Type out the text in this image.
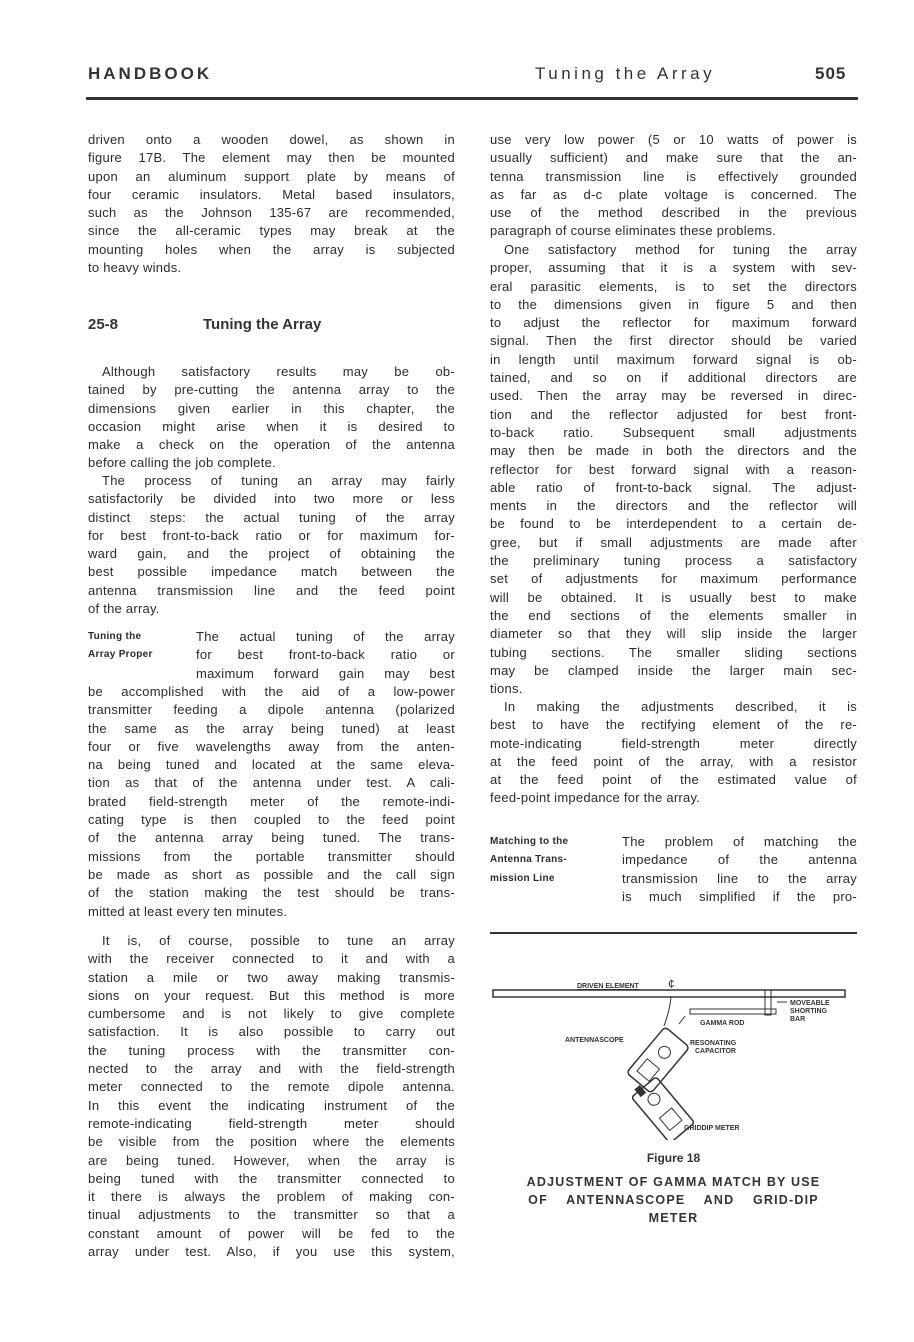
HANDBOOK	Tuning the Array	505
driven onto a wooden dowel, as shown in
figure 17B. The element may then be mounted
upon an aluminum support plate by means of
four ceramic insulators. Metal based insulators,
such as the Johnson 135-67 are recommended,
since the all-ceramic types may break at the
mounting holes when the array is subjected
to heavy winds.
25-8	Tuning the Array
Although satisfactory results may be ob-
tained by pre-cutting the antenna array to the
dimensions given earlier in this chapter, the
occasion might arise when it is desired to
make a check on the operation of the antenna
before calling the job complete.
The process of tuning an array may fairly
satisfactorily be divided into two more or less
distinct steps: the actual tuning of the array
for best front-to-back ratio or for maximum for-
ward gain, and the project of obtaining the
best possible impedance match between the
antenna transmission line and the feed point
of the array.
Tuning the
Array Proper
The actual tuning of the array
for best front-to-back ratio or
maximum forward gain may best
be accomplished with the aid of a low-power
transmitter feeding a dipole antenna (polarized
the same as the array being tuned) at least
four or five wavelengths away from the anten-
na being tuned and located at the same eleva-
tion as that of the antenna under test. A cali-
brated field-strength meter of the remote-indi-
cating type is then coupled to the feed point
of the antenna array being tuned. The trans-
missions from the portable transmitter should
be made as short as possible and the call sign
of the station making the test should be trans-
mitted at least every ten minutes.
It is, of course, possible to tune an array
with the receiver connected to it and with a
station a mile or two away making transmis-
sions on your request. But this method is more
cumbersome and is not likely to give complete
satisfaction. It is also possible to carry out
the tuning process with the transmitter con-
nected to the array and with the field-strength
meter connected to the remote dipole antenna.
In this event the indicating instrument of the
remote-indicating field-strength meter should
be visible from the position where the elements
are being tuned. However, when the array is
being tuned with the transmitter connected to
it there is always the problem of making con-
tinual adjustments to the transmitter so that a
constant amount of power will be fed to the
array under test. Also, if you use this system,
use very low power (5 or 10 watts of power is
usually sufficient) and make sure that the an-
tenna transmission line is effectively grounded
as far as d-c plate voltage is concerned. The
use of the method described in the previous
paragraph of course eliminates these problems.
One satisfactory method for tuning the array
proper, assuming that it is a system with sev-
eral parasitic elements, is to set the directors
to the dimensions given in figure 5 and then
to adjust the reflector for maximum forward
signal. Then the first director should be varied
in length until maximum forward signal is ob-
tained, and so on if additional directors are
used. Then the array may be reversed in direc-
tion and the reflector adjusted for best front-
to-back ratio. Subsequent small adjustments
may then be made in both the directors and the
reflector for best forward signal with a reason-
able ratio of front-to-back signal. The adjust-
ments in the directors and the reflector will
be found to be interdependent to a certain de-
gree, but if small adjustments are made after
the preliminary tuning process a satisfactory
set of adjustments for maximum performance
will be obtained. It is usually best to make
the end sections of the elements smaller in
diameter so that they will slip inside the larger
tubing sections. The smaller sliding sections
may be clamped inside the larger main sec-
tions.
In making the adjustments described, it is
best to have the rectifying element of the re-
mote-indicating field-strength meter directly
at the feed point of the array, with a resistor
at the feed point of the estimated value of
feed-point impedance for the array.
Matching to the
Antenna Trans-
mission Line
The problem of matching the
impedance of the antenna
transmission line to the array
is much simplified if the pro-
DRIVEN ELEMENT ¢
MOVEABLE
SHORTING
BAR
GAMMA ROD
ANTENNASCOPE	RESONATING
CAPACITOR
GRIDDIP METER
Figure 18
ADJUSTMENT OF GAMMA MATCH BY USE
OF ANTENNASCOPE AND GRID-DIP
METER
